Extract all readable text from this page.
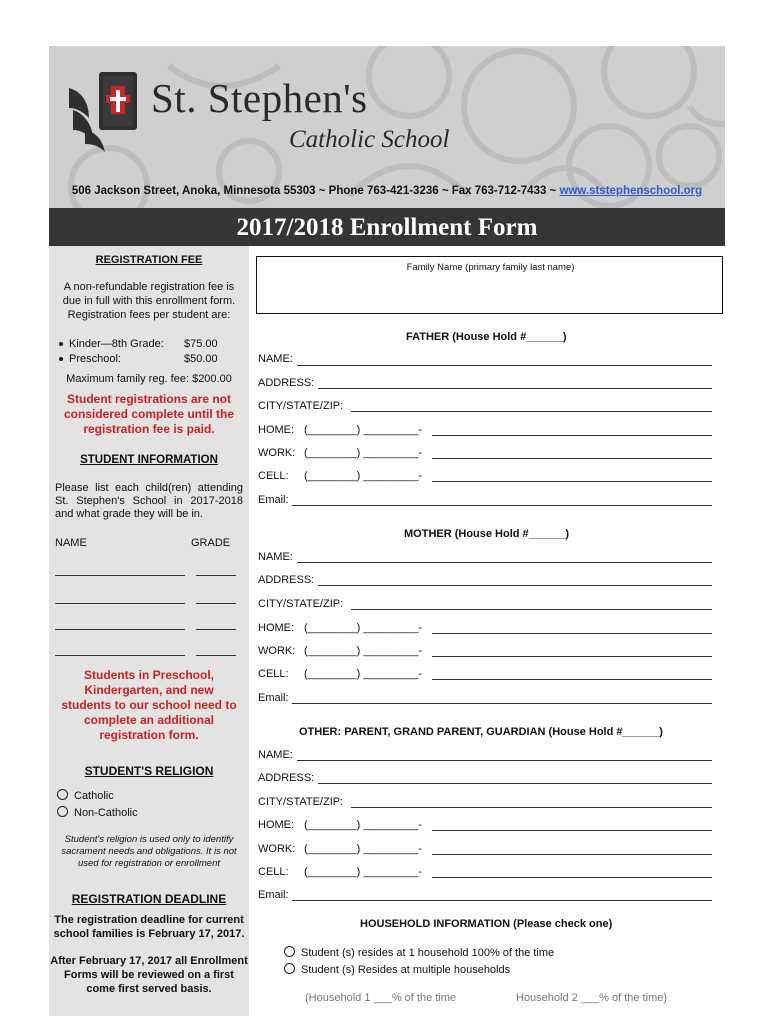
St. Stephen's
Catholic School
506 Jackson Street, Anoka, Minnesota 55303 ~ Phone 763-421-3236 ~ Fax 763-712-7433 ~ www.ststephenschool.org
2017/2018 Enrollment Form
REGISTRATION FEE
A non-refundable registration fee is due in full with this enrollment form. Registration fees per student are:
Kinder—8th Grade: $75.00
Preschool:	$50.00
Maximum family reg. fee: $200.00
Student registrations are not considered complete until the registration fee is paid.
STUDENT INFORMATION
Please list each child(ren) attending St. Stephen's School in 2017-2018 and what grade they will be in.
NAME	GRADE
Students in Preschool, Kindergarten, and new students to our school need to complete an additional registration form.
STUDENT'S RELIGION
Catholic
Non-Catholic
Student's religion is used only to identify sacrament needs and obligations. It is not used for registration or enrollment
REGISTRATION DEADLINE
The registration deadline for current school families is February 17, 2017.
After February 17, 2017 all Enrollment Forms will be reviewed on a first come first served basis.
Family Name (primary family last name)
FATHER (House Hold #______)
NAME:
ADDRESS:
CITY/STATE/ZIP:
HOME: (________) _________-
WORK: (________) _________-
CELL: (________) _________-
Email:
MOTHER (House Hold #______)
NAME:
ADDRESS:
CITY/STATE/ZIP:
HOME: (________) _________-
WORK: (________) _________-
CELL: (________) _________-
Email:
OTHER: PARENT, GRAND PARENT, GUARDIAN (House Hold #______)
NAME:
ADDRESS:
CITY/STATE/ZIP:
HOME: (________) _________-
WORK: (________) _________-
CELL: (________) _________-
Email:
HOUSEHOLD INFORMATION (Please check one)
Student (s) resides at 1 household 100% of the time
Student (s) Resides at multiple households
(Household 1 ___% of the time	Household 2 ___% of the time)
